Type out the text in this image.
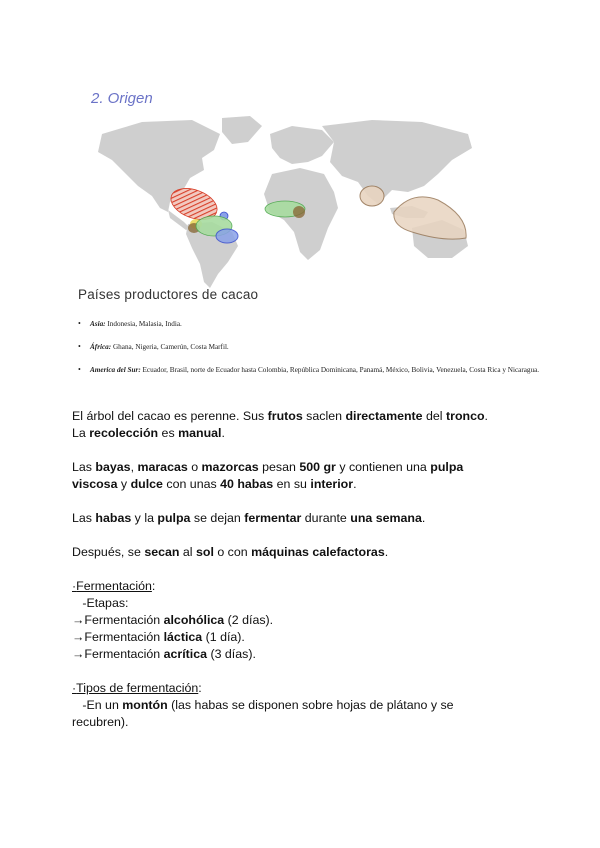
2. Origen
Países productores de cacao
• Asia: Indonesia, Malasia, India.
• África: Ghana, Nigeria, Camerún, Costa Marfil.
• America del Sur: Ecuador, Brasil, norte de Ecuador hasta Colombia, República Dominicana, Panamá, México, Bolivia, Venezuela, Costa Rica y Nicaragua.

El árbol del cacao es perenne. Sus frutos saclen directamente del tronco.

La recolección es manual.

Las bayas, maracas o mazorcas pesan 500 gr y contienen una pulpa

viscosa y dulce con unas 40 habas en su interior.

Las habas y la pulpa se dejan fermentar durante una semana.

Después, se secan al sol o con máquinas calefactoras.

·Fermentación:

-Etapas:

→Fermentación alcohólica (2 días).

→Fermentación láctica (1 día).

→Fermentación acrítica (3 días).

·Tipos de fermentación:

-En un montón (las habas se disponen sobre hojas de plátano y se

recubren).
